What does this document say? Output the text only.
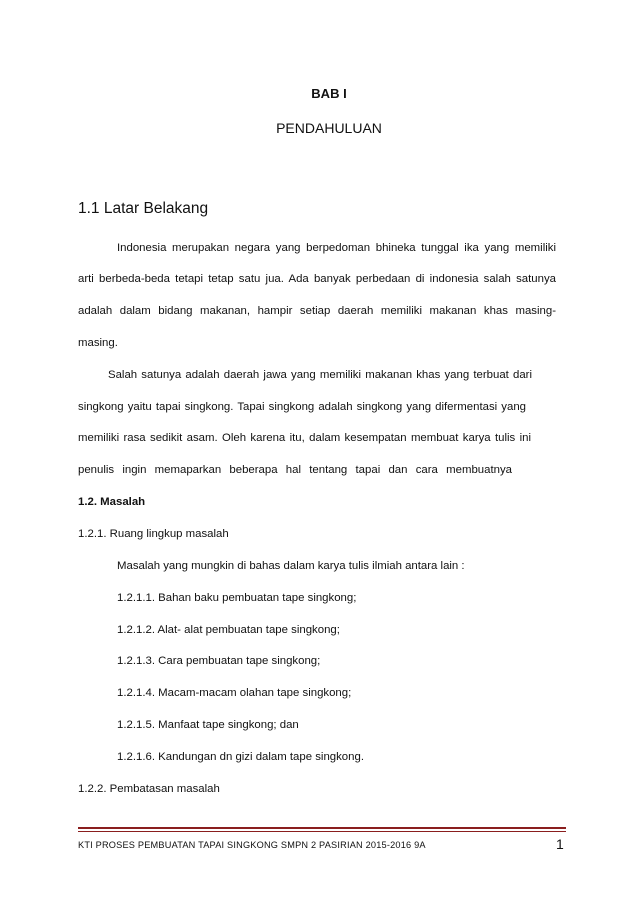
BAB I
PENDAHULUAN
1.1 Latar Belakang
Indonesia merupakan negara yang berpedoman bhineka tunggal ika yang memiliki
arti berbeda-beda tetapi tetap satu jua. Ada banyak perbedaan di indonesia salah satunya
adalah dalam bidang makanan, hampir setiap daerah memiliki makanan khas masing-
masing.
Salah satunya adalah daerah jawa yang memiliki makanan khas yang terbuat dari
singkong yaitu tapai singkong. Tapai singkong adalah singkong yang difermentasi yang
memiliki rasa sedikit asam. Oleh karena itu, dalam kesempatan membuat karya tulis ini
penulis ingin memaparkan beberapa hal tentang tapai dan cara membuatnya
1.2. Masalah
1.2.1. Ruang lingkup masalah
Masalah yang mungkin di bahas dalam karya tulis ilmiah antara lain :
1.2.1.1. Bahan baku pembuatan tape singkong;
1.2.1.2. Alat- alat pembuatan tape singkong;
1.2.1.3. Cara pembuatan tape singkong;
1.2.1.4. Macam-macam olahan tape singkong;
1.2.1.5. Manfaat tape singkong; dan
1.2.1.6. Kandungan dn gizi dalam tape singkong.
1.2.2. Pembatasan masalah
KTI PROSES PEMBUATAN TAPAI SINGKONG SMPN 2 PASIRIAN 2015-2016 9A	1
